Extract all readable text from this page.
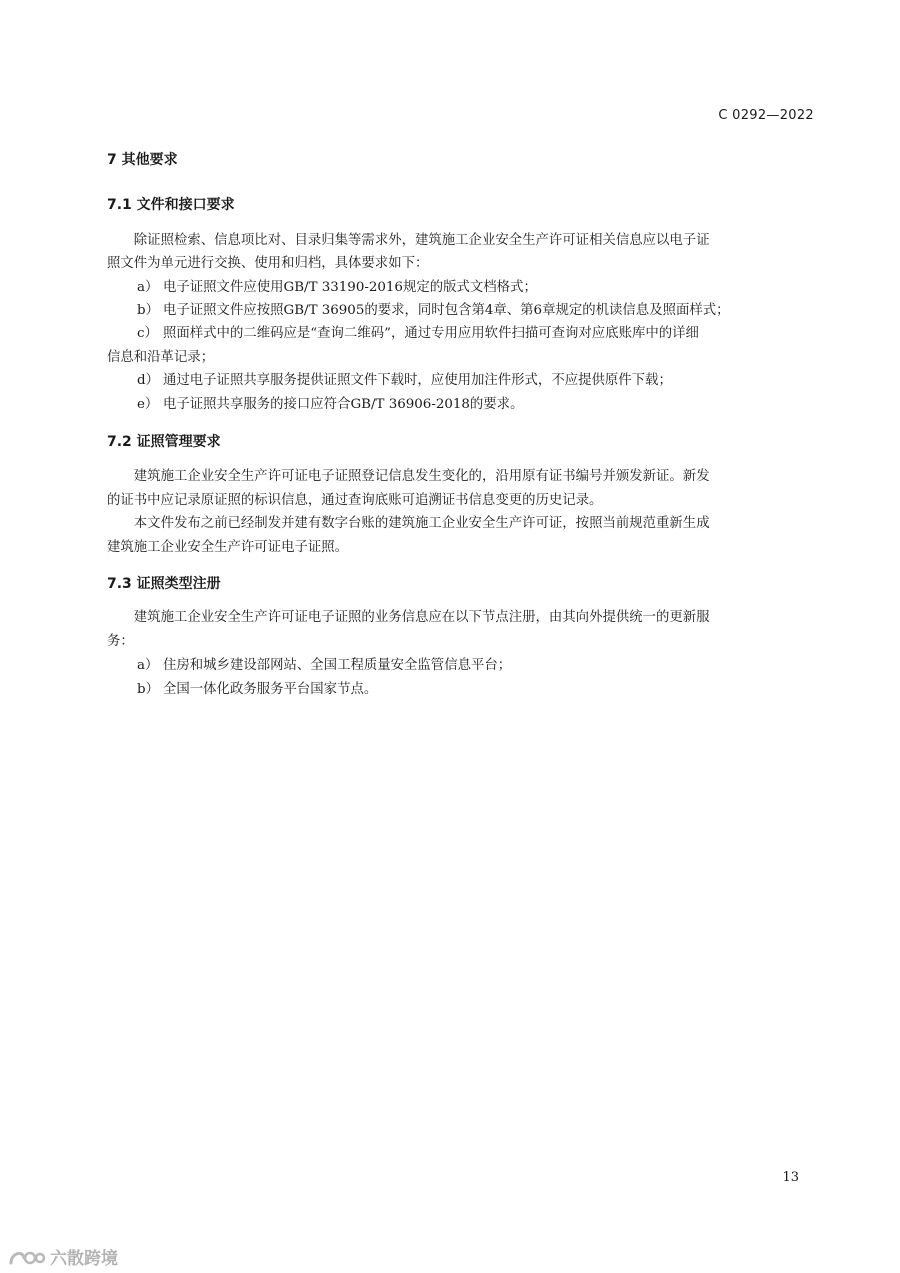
C 0292—2022
7 其他要求
7.1 文件和接口要求
除证照检索、信息项比对、目录归集等需求外，建筑施工企业安全生产许可证相关信息应以电子证
照文件为单元进行交换、使用和归档，具体要求如下：
a） 电子证照文件应使用GB/T 33190-2016规定的版式文档格式；
b） 电子证照文件应按照GB/T 36905的要求，同时包含第4章、第6章规定的机读信息及照面样式；
c） 照面样式中的二维码应是“查询二维码”，通过专用应用软件扫描可查询对应底账库中的详细
信息和沿革记录；
d） 通过电子证照共享服务提供证照文件下载时，应使用加注件形式，不应提供原件下载；
e） 电子证照共享服务的接口应符合GB/T 36906-2018的要求。
7.2 证照管理要求
建筑施工企业安全生产许可证电子证照登记信息发生变化的，沿用原有证书编号并颁发新证。新发
的证书中应记录原证照的标识信息，通过查询底账可追溯证书信息变更的历史记录。
本文件发布之前已经制发并建有数字台账的建筑施工企业安全生产许可证，按照当前规范重新生成
建筑施工企业安全生产许可证电子证照。
7.3 证照类型注册
建筑施工企业安全生产许可证电子证照的业务信息应在以下节点注册，由其向外提供统一的更新服
务：
a） 住房和城乡建设部网站、全国工程质量安全监管信息平台；
b） 全国一体化政务服务平台国家节点。
13
六散跨境
